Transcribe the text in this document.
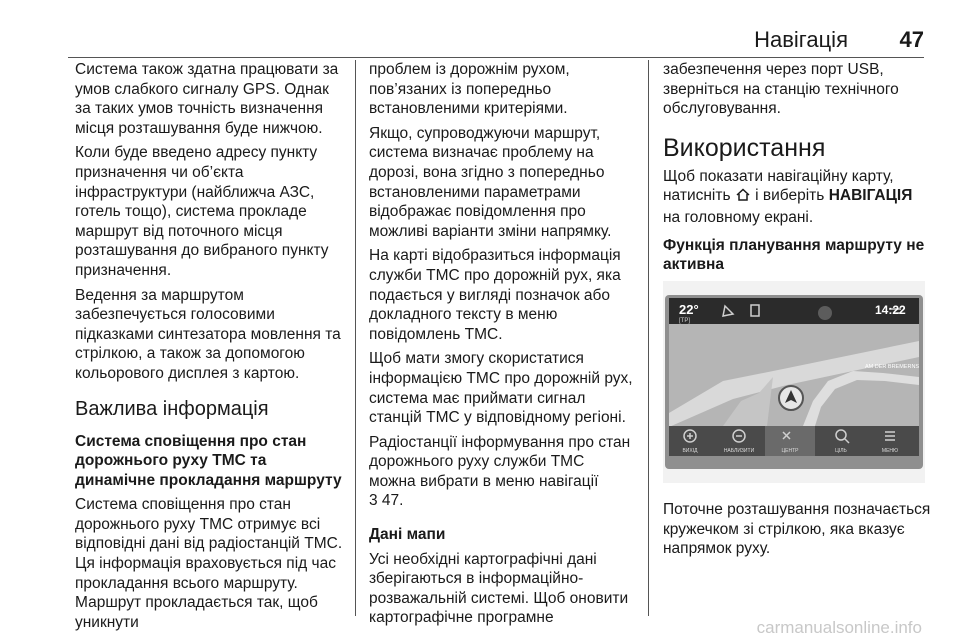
Навігація 47

Система також здатна працювати за умов слабкого сигналу GPS. Однак за таких умов точність визначення місця розташування буде нижчою.

Коли буде введено адресу пункту призначення чи об’єкта інфраструктури (найближча АЗС, готель тощо), система прокладе маршрут від поточного місця розташування до вибраного пункту призначення.

Ведення за маршрутом забезпечується голосовими підказками синтезатора мовлення та стрілкою, а також за допомогою кольорового дисплея з картою.

Важлива інформація

Система сповіщення про стан дорожнього руху TMC та динамічне прокладання маршруту

Система сповіщення про стан дорожнього руху TMC отримує всі відповідні дані від радіостанцій TMC. Ця інформація враховується під час прокладання всього маршруту. Маршрут прокладається так, щоб уникнути

проблем із дорожнім рухом, пов’язаних із попередньо встановленими критеріями.

Якщо, супроводжуючи маршрут, система визначає проблему на дорозі, вона згідно з попередньо встановленими параметрами відображає повідомлення про можливі варіанти зміни напрямку.

На карті відобразиться інформація служби TMC про дорожній рух, яка подається у вигляді позначок або докладного тексту в меню повідомлень TMC.

Щоб мати змогу скористатися інформацією TMC про дорожній рух, система має приймати сигнал станцій TMC у відповідному регіоні.

Радіостанції інформування про стан дорожнього руху служби TMC можна вибрати в меню навігації
3 47.

Дані мапи

Усі необхідні картографічні дані зберігаються в інформаційно-розважальній системі. Щоб оновити картографічне програмне

забезпечення через порт USB, зверніться на станцію технічного обслуговування.

Використання

Щоб показати навігаційну карту, натисніть і виберіть НАВІГАЦІЯ на головному екрані.

Функція планування маршруту не активна

22°
[TP]
14:22
AM DER BREMERNS
ВИХІД	НАБЛИЗИТИ	ЦЕНТР	ЦІЛЬ	МЕНЮ

Поточне розташування позначається кружечком зі стрілкою, яка вказує напрямок руху.

carmanualsonline.info
